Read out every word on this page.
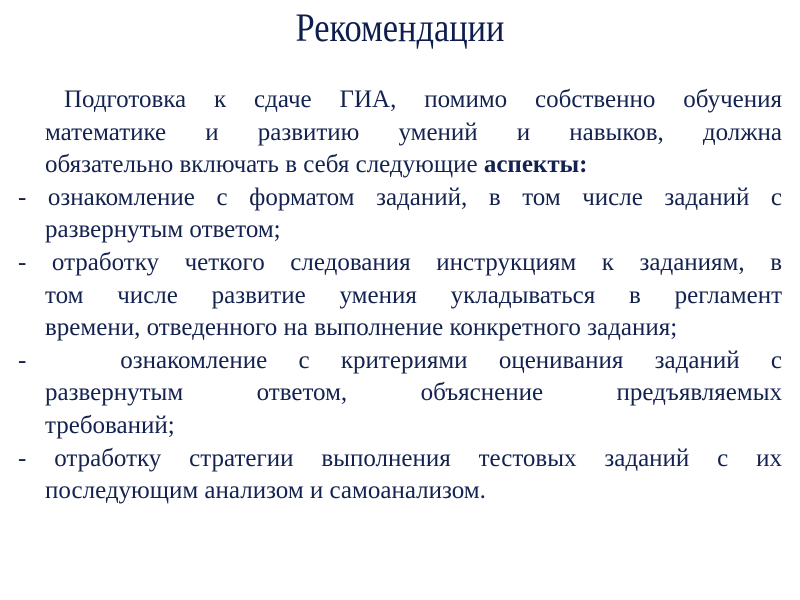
Рекомендации
Подготовка к сдаче ГИА, помимо собственно обучения
математике и развитию умений и навыков, должна
обязательно включать в себя следующие аспекты:
- ознакомление с форматом заданий, в том числе заданий с
развернутым ответом;
- отработку четкого следования инструкциям к заданиям, в
том числе развитие умения укладываться в регламент
времени, отведенного на выполнение конкретного задания;
-	ознакомление с критериями оценивания заданий с
развернутым ответом, объяснение предъявляемых
требований;
- отработку стратегии выполнения тестовых заданий с их
последующим анализом и самоанализом.
